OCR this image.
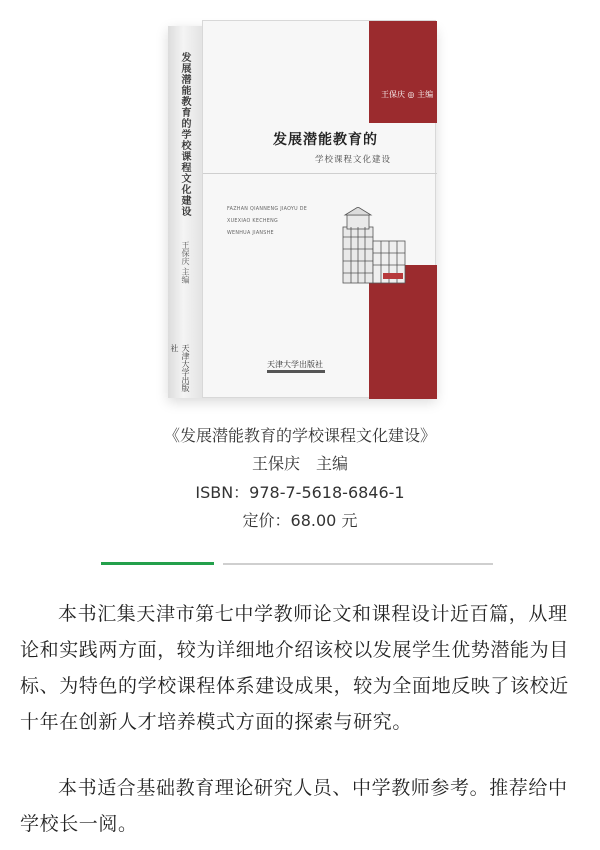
发展潜能教育的学校课程文化建设
王保庆 主编
天津大学出版社
王保庆 ◎ 主编
发展潜能教育的
学校课程文化建设
FAZHAN QIANNENG JIAOYU DE
XUEXIAO KECHENG
WENHUA JIANSHE
天津大学出版社
《发展潜能教育的学校课程文化建设》
王保庆　主编
ISBN：978-7-5618-6846-1
定价：68.00 元

本书汇集天津市第七中学教师论文和课程设计近百篇，从理论和实践两方面，较为详细地介绍该校以发展学生优势潜能为目标、为特色的学校课程体系建设成果，较为全面地反映了该校近十年在创新人才培养模式方面的探索与研究。

本书适合基础教育理论研究人员、中学教师参考。推荐给中学校长一阅。
